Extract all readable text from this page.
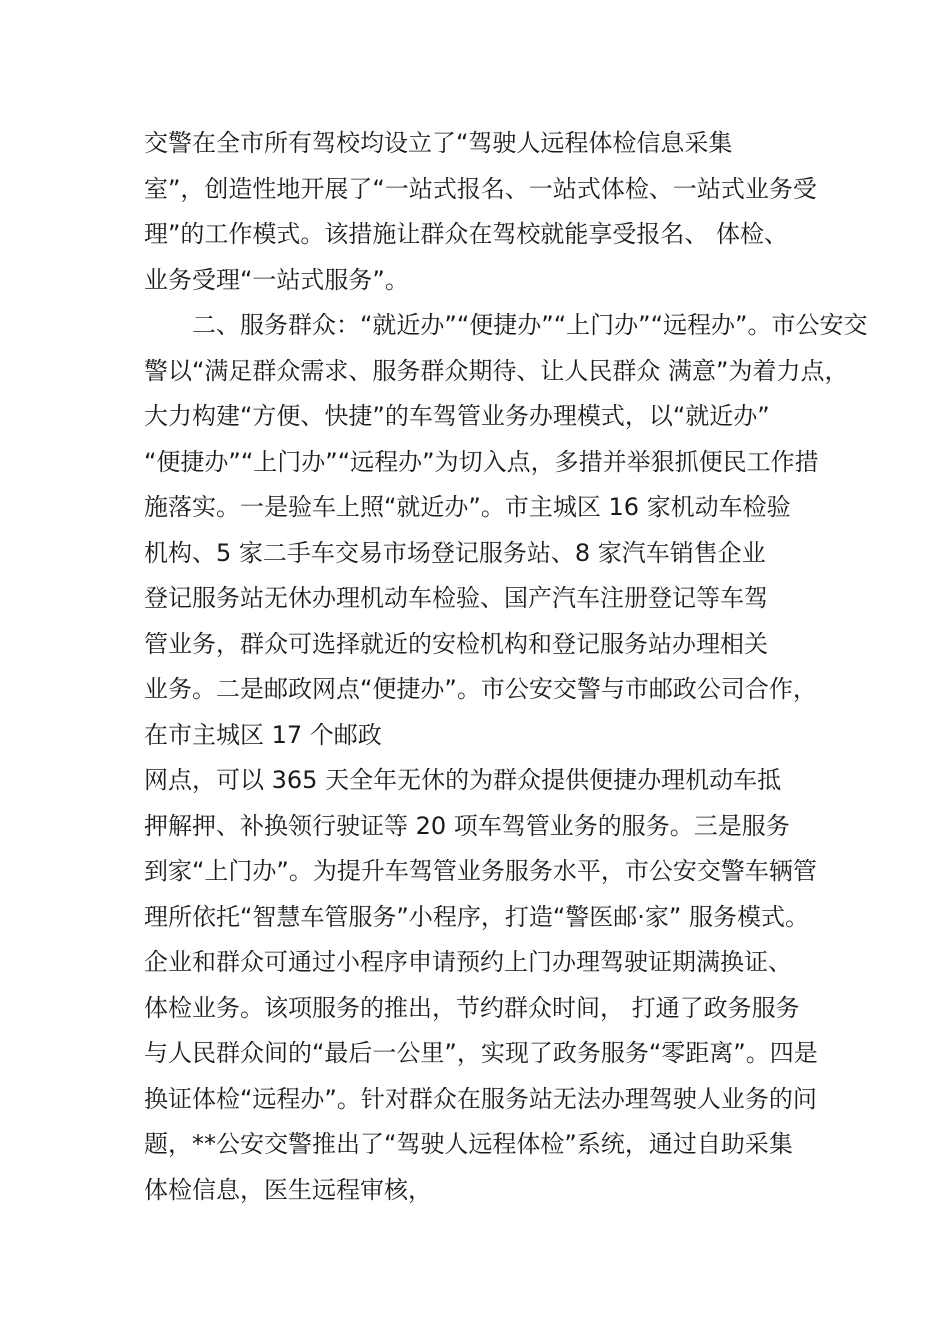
交警在全市所有驾校均设立了“驾驶人远程体检信息采集
室”，创造性地开展了“一站式报名、一站式体检、一站式业务受
理”的工作模式。该措施让群众在驾校就能享受报名、 体检、
业务受理“一站式服务”。
二、服务群众：“就近办”“便捷办”“上门办”“远程办”。市公安交
警以“满足群众需求、服务群众期待、让人民群众 满意”为着力点，
大力构建“方便、快捷”的车驾管业务办理模式，以“就近办”
“便捷办”“上门办”“远程办”为切入点，多措并举狠抓便民工作措
施落实。一是验车上照“就近办”。市主城区 16 家机动车检验
机构、5 家二手车交易市场登记服务站、8 家汽车销售企业
登记服务站无休办理机动车检验、国产汽车注册登记等车驾
管业务，群众可选择就近的安检机构和登记服务站办理相关
业务。二是邮政网点“便捷办”。市公安交警与市邮政公司合作，
在市主城区 17 个邮政
网点，可以 365 天全年无休的为群众提供便捷办理机动车抵
押解押、补换领行驶证等 20 项车驾管业务的服务。三是服务
到家“上门办”。为提升车驾管业务服务水平，市公安交警车辆管
理所依托“智慧车管服务”小程序，打造“警医邮·家” 服务模式。
企业和群众可通过小程序申请预约上门办理驾驶证期满换证、
体检业务。该项服务的推出，节约群众时间， 打通了政务服务
与人民群众间的“最后一公里”，实现了政务服务“零距离”。四是
换证体检“远程办”。针对群众在服务站无法办理驾驶人业务的问
题，**公安交警推出了“驾驶人远程体检”系统，通过自助采集
体检信息，医生远程审核，
